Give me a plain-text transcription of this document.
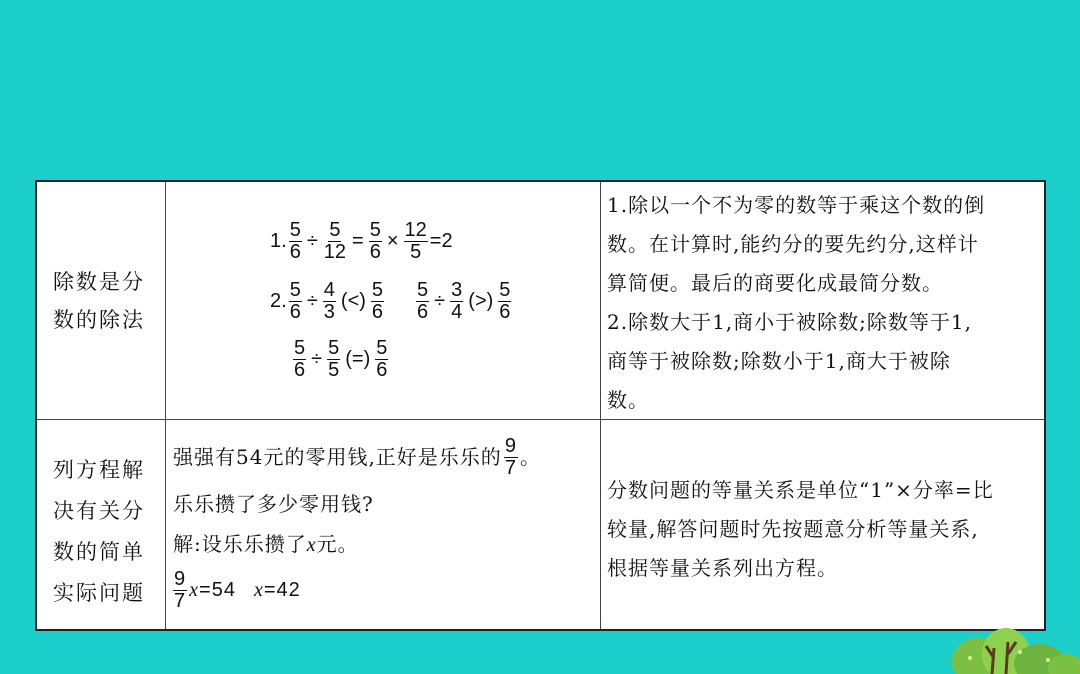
除数是分
数的除法
1. $\frac{5}{6} \div \frac{5}{12} = \frac{5}{6} \times \frac{12}{5} =2$
2. $\frac{5}{6} \div \frac{4}{3}$ (<) $\frac{5}{6} \frac{5}{6} \div \frac{3}{4}$ (>) $\frac{5}{6}$
$\frac{5}{6} \div \frac{5}{5}$ (=) $\frac{5}{6}$
1.除以一个不为零的数等于乘这个数的倒
数。在计算时,能约分的要先约分,这样计
算简便。最后的商要化成最简分数。
2.除数大于1,商小于被除数;除数等于1,
商等于被除数;除数小于1,商大于被除
数。
列方程解
决有关分
数的简单
实际问题
强强有54元的零用钱,正好是乐乐的 $\frac{9}{7}$ 。
乐乐攒了多少零用钱?
解:设乐乐攒了x元。
$\frac{9}{7}$ x =54 x =42
分数问题的等量关系是单位“1”×分率=比
较量,解答问题时先按题意分析等量关系,
根据等量关系列出方程。
